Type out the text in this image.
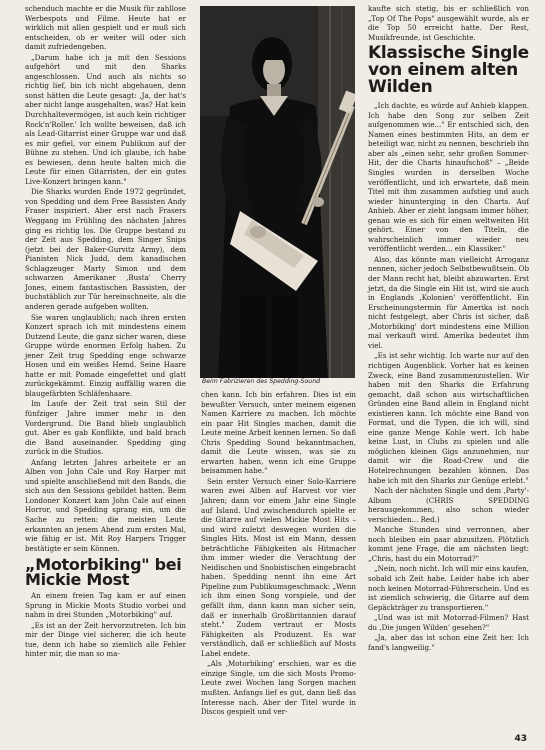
schenduch machte er die Musik für zahllose Werbespots und Filme. Heute hat er wirklich mit allen gespielt und er muß sich entscheiden, ob er weiter will oder sich damit zufriedengeben.

„Darum habe ich ja mit den Sessions aufgehört und mit den Sharks angeschlossen. Und auch als nichts so richtig lief, bin ich nicht abgehauen, denn sonst hätten die Leute gesagt: ‚Ja, der hat's aber nicht lange ausgehalten, was? Hat kein Durchhaltevermögen, ist auch kein richtiger Rock'n'Roller.' Ich wollte beweisen, daß ich als Lead-Gitarrist einer Gruppe war und daß es mir gefiel, vor einem Publikum auf der Bühne zu stehen. Und ich glaube, ich habe es bewiesen, denn heute halten mich die Leute für einen Gitarristen, der ein gutes Live-Konzert bringen kann."

Die Sharks wurden Ende 1972 gegründet, von Spedding und dem Free Bassisten Andy Fraser inspiriert. Aber erst nach Frasers Weggang im Frühling des nächsten Jahres ging es richtig los. Die Gruppe bestand zu der Zeit aus Spedding, dem Singer Snips (jetzt bei der Baker-Gurvitz Army), dem Pianisten Nick Judd, dem kanadischen Schlagzeuger Marty Simon und dem schwarzen Amerikaner ‚Busta' Cherry Jones, einem fantastischen Bassisten, der buchstäblich zur Tür hereinschneite, als die anderen gerade aufgeben wollten.

Sie waren unglaublich; nach ihren ersten Konzert sprach ich mit mindestens einem Dutzend Leute, die ganz sicher waren, diese Gruppe würde enormen Erfolg haben. Zu jener Zeit trug Spedding enge schwarze Hosen und ein weißes Hemd. Seine Haare hatte er mit Pomade eingefettet und glatt zurückgekämmt. Einzig auffällig waren die blaugefärbten Schläfenhaare.

Im Laufe der Zeit trat sein Stil der fünfziger Jahre immer mehr in den Vordergrund. Die Band blieb unglaublich gut. Aber es gab Konflikte, und bald brach die Band auseinander. Spedding ging zurück in die Studios.

Anfang letzten Jahres arbeitete er an Alben von John Cale und Roy Harper mit und spielte anschließend mit den Bands, die sich aus den Sessions gebildet hatten. Beim Londoner Konzert kam John Cale auf einen Horror, und Spedding sprang ein, um die Sache zu retten: die meisten Leute erkannten an jenem Abend zum ersten Mal, wie fähig er ist. Mit Roy Harpers Trigger bestätigte er sein Können.

„Motorbiking" bei Mickie Most

An einem freien Tag kam er auf einen Sprung in Mickie Mosts Studio vorbei und nahm in drei Stunden „Motorbiking" auf.

„Es ist an der Zeit hervorzutreten. Ich bin mir der Dinge viel sicherer, die ich heute tue, denn ich habe so ziemlich alle Fehler hinter mir, die man so ma-

Beim Fabrizieren des Spedding-Sound

chen kann. Ich bin erfahren. Dies ist ein bewußter Versuch, unter meinem eigenen Namen Karriere zu machen. Ich möchte ein paar Hit Singles machen, damit die Leute meine Arbeit kennen lernen. So daß Chris Spedding Sound bekanntmachen, damit die Leute wissen, was sie zu erwarten haben, wenn ich eine Gruppe beisammen habe."

Sein erster Versuch einer Solo-Karriere waren zwei Alben auf Harvest vor vier Jahren; dann vor einem Jahr eine Single auf Island. Und zwischendurch spielte er die Gitarre auf vielen Mickie Most Hits – und wird zuletzt deswegen wurden die Singles Hits. Most ist ein Mann, dessen beträchtliche Fähigkeiten als Hitmacher ihm immer wieder die Verachtung der Neidischen und Snobistischen eingebracht haben. Spedding nennt ihn eine Art Pipeline zum Publikumsgeschmack: „Wenn ich ihm einen Song vorspiele, und der gefällt ihm, dann kann man sicher sein, daß er innerhalb Großbritannien darauf steht." Zudem vertraut er Mosts Fähigkeiten als Produzent. Es war verständlich, daß er schließlich auf Mosts Label endete.

„Als ‚Motorbiking' erschien, war es die einzige Single, um die sich Mosts Promo-Leute zwei Wochen lang Sorgen machen mußten. Anfangs lief es gut, dann ließ das Interesse nach. Aber der Titel wurde in Discos gespielt und ver-

kaufte sich stetig, bis er schließlich von „Top Of The Pops" ausgewählt wurde, als er die Top 50 erreicht hatte. Der Rest, Musikfreunde, ist Geschichte.

Klassische Single von einem alten Wilden

„Ich dachte, es würde auf Anhieb klappen. Ich habe den Song zur selben Zeit aufgenommen wie..." Er entschied sich, den Namen eines bestimmten Hits, an dem er beteiligt war, nicht zu nennen, beschrieb ihn aber als „einen sehr, sehr großen Sommer-Hit, der die Charts hinaufschoß" – „Beide Singles wurden in derselben Woche veröffentlicht, und ich erwartete, daß mein Titel mit ihm zusammen aufstieg und auch wieder hinunterging in den Charts. Auf Anhieb. Aber er zieht langsam immer höher, genau wie es sich für einen weltweiten Hit gehört. Einer von den Titeln, die wahrscheinlich immer wieder neu veröffentlicht werden... ein Klassiker."

Also, das könnte man vielleicht Arroganz nennen, sicher jedoch Selbstbewußtsein. Ob der Mann recht hat, bleibt abzuwarten. Erst jetzt, da die Single ein Hit ist, wird sie auch in Englands ‚Kolonien' veröffentlicht. Ein Erscheinungstermin für Amerika ist noch nicht festgelegt, aber Chris ist sicher, daß ‚Motorbiking' dort mindestens eine Million mal verkauft wird. Amerika bedeutet ihm viel.

„Es ist sehr wichtig. Ich warte nur auf den richtigen Augenblick. Vorher hat es keinen Zweck, eine Band zusammenzustellen. Wir haben mit den Sharks die Erfahrung gemacht, daß schon aus wirtschaftlichen Gründen eine Band allein in England nicht existieren kann. Ich möchte eine Band von Format, und die Typen, die ich will, sind eine ganze Menge Kohle wert. Ich habe keine Lust, in Clubs zu spielen und alle möglichen kleinen Gigs anzunehmen, nur damit wir die Road-Crew und die Hotelrechnungen bezahlen können. Das habe ich mit den Sharks zur Genüge erlebt."

Nach der nächsten Single und dem ‚Party'-Album (CHRIS SPEDDING herausgekommen, also schon wieder verschieden... Red.)

Manche Stunden sind verronnen, aber noch bleiben ein paar abzusitzen. Plötzlich kommt jene Frage, die am nächsten liegt: „Chris, hast du ein Motorrad?"

„Nein, noch nicht. Ich will mir eins kaufen, sobald ich Zeit habe. Leider habe ich aber noch keinen Motorrad-Führerschein. Und es ist ziemlich schwierig, die Gitarre auf dem Gepäckträger zu transportieren."

„Und was ist mit Motorrad-Filmen? Hast du ‚Die jungen Wilden' gesehen?"

„Ja, aber das ist schon eine Zeit her. Ich fand's langweilig."

43
